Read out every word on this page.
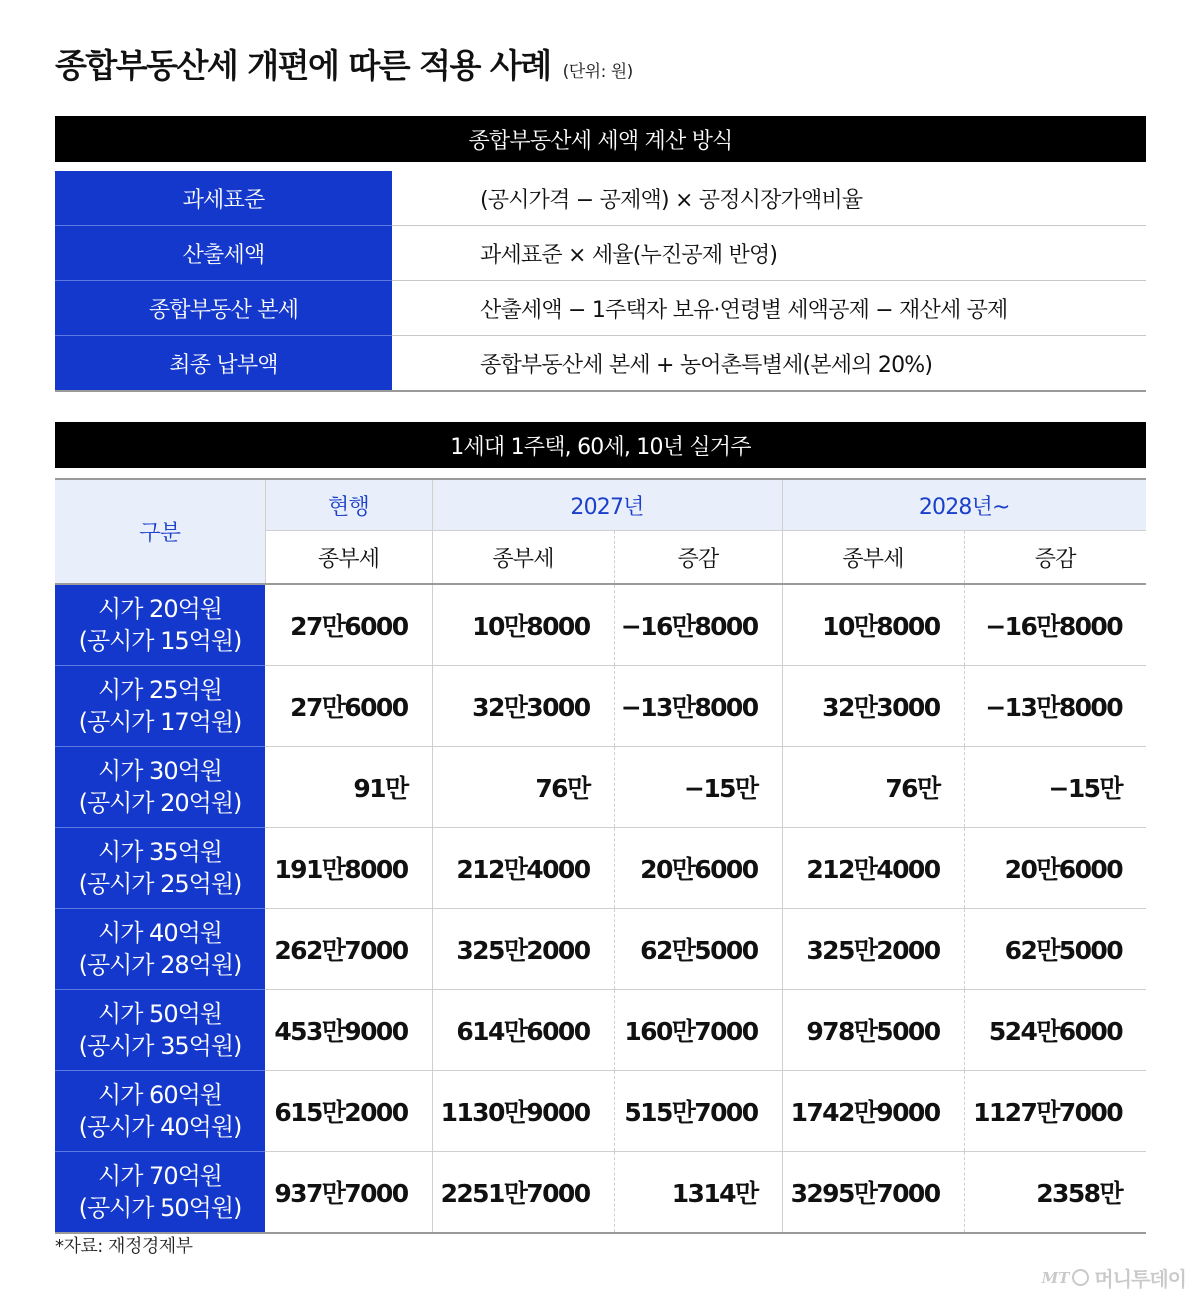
종합부동산세 개편에 따른 적용 사례 (단위: 원)
종합부동산세 세액 계산 방식
과세표준	(공시가격 − 공제액) × 공정시장가액비율
산출세액	과세표준 × 세율(누진공제 반영)
종합부동산 본세	산출세액 − 1주택자 보유·연령별 세액공제 − 재산세 공제
최종 납부액	종합부동산세 본세 + 농어촌특별세(본세의 20%)
1세대 1주택, 60세, 10년 실거주
구분	현행	2027년		2028년~	
	종부세	종부세	증감	종부세	증감

시가 20억원
(공시가 15억원)	27만6000	10만8000	−16만8000	10만8000	−16만8000

시가 25억원
(공시가 17억원)	27만6000	32만3000	−13만8000	32만3000	−13만8000

시가 30억원
(공시가 20억원)	91만	76만	−15만	76만	−15만

시가 35억원
(공시가 25억원)	191만8000	212만4000	20만6000	212만4000	20만6000

시가 40억원
(공시가 28억원)	262만7000	325만2000	62만5000	325만2000	62만5000

시가 50억원
(공시가 35억원)	453만9000	614만6000	160만7000	978만5000	524만6000

시가 60억원
(공시가 40억원)	615만2000	1130만9000	515만7000	1742만9000	1127만7000

시가 70억원
(공시가 50억원)	937만7000	2251만7000	1314만	3295만7000	2358만
*자료: 재정경제부
MT 머니투데이
